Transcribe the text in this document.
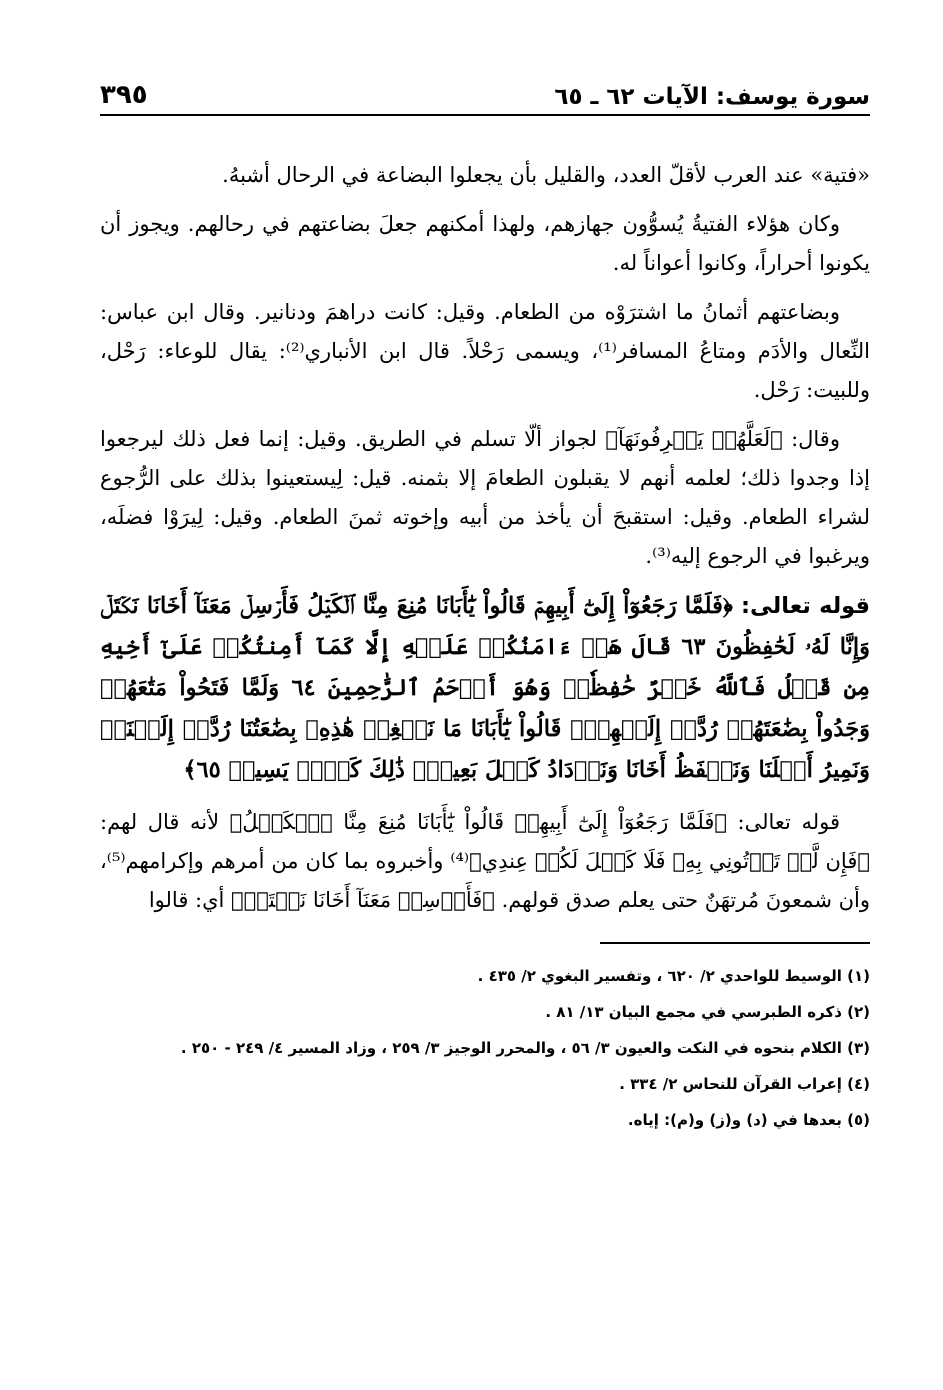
سورة يوسف: الآيات ٦٢ ـ ٦٥
٣٩٥

«فتية» عند العرب لأقلّ العدد، والقليل بأن يجعلوا البضاعة في الرحال أشبهُ.

وكان هؤلاء الفتيةُ يُسوُّون جهازهم، ولهذا أمكنهم جعلَ بضاعتهم في رحالهم. ويجوز أن يكونوا أحراراً، وكانوا أعواناً له.

وبضاعتهم أثمانُ ما اشترَوْه من الطعام. وقيل: كانت دراهمَ ودنانير. وقال ابن عباس: النِّعال والأدَم ومتاعُ المسافر⁽¹⁾، ويسمى رَحْلاً. قال ابن الأنباري⁽²⁾: يقال للوعاء: رَحْل، وللبيت: رَحْل.

وقال: ﴿لَعَلَّهُمۡ يَعۡرِفُونَهَآ﴾ لجواز ألّا تسلم في الطريق. وقيل: إنما فعل ذلك ليرجعوا إذا وجدوا ذلك؛ لعلمه أنهم لا يقبلون الطعامَ إلا بثمنه. قيل: لِيستعينوا بذلك على الرُّجوع لشراء الطعام. وقيل: استقبحَ أن يأخذ من أبيه وإخوته ثمنَ الطعام. وقيل: لِيرَوْا فضلَه، ويرغبوا في الرجوع إليه⁽³⁾.

قوله تعالى: ﴿فَلَمَّا رَجَعُوٓاْ إِلَىٰٓ أَبِيهِمۡ قَالُواْ يَٰٓأَبَانَا مُنِعَ مِنَّا ٱلۡكَيۡلُ فَأَرۡسِلۡ مَعَنَآ أَخَانَا نَكۡتَلۡ وَإِنَّا لَهُۥ لَحَٰفِظُونَ ٦٣ قَالَ هَلۡ ءَامَنُكُمۡ عَلَيۡهِ إِلَّا كَمَآ أَمِنتُكُمۡ عَلَىٰٓ أَخِيهِ مِن قَبۡلُ فَٱللَّهُ خَيۡرٌ حَٰفِظٗاۖ وَهُوَ أَرۡحَمُ ٱلرَّٰحِمِينَ ٦٤ وَلَمَّا فَتَحُواْ مَتَٰعَهُمۡ وَجَدُواْ بِضَٰعَتَهُمۡ رُدَّتۡ إِلَيۡهِمۡۖ قَالُواْ يَٰٓأَبَانَا مَا نَبۡغِيۖ هَٰذِهِۦ بِضَٰعَتُنَا رُدَّتۡ إِلَيۡنَاۖ وَنَمِيرُ أَهۡلَنَا وَنَحۡفَظُ أَخَانَا وَنَزۡدَادُ كَيۡلَ بَعِيرٖۖ ذَٰلِكَ كَيۡلٞ يَسِيرٞ ٦٥﴾

قوله تعالى: ﴿فَلَمَّا رَجَعُوٓاْ إِلَىٰٓ أَبِيهِمۡ قَالُواْ يَٰٓأَبَانَا مُنِعَ مِنَّا ٱلۡكَيۡلُ﴾ لأنه قال لهم: ﴿فَإِن لَّمۡ تَأۡتُونِي بِهِۦ فَلَا كَيۡلَ لَكُمۡ عِندِي﴾⁽⁴⁾ وأخبروه بما كان من أمرهم وإكرامهم⁽⁵⁾، وأن شمعونَ مُرتهَنٌ حتى يعلم صدق قولهم. ﴿فَأَرۡسِلۡ مَعَنَآ أَخَانَا نَكۡتَلۡ﴾ أي: قالوا

(١) الوسيط للواحدي ٢/ ٦٢٠ ، وتفسير البغوي ٢/ ٤٣٥ .

(٢) ذكره الطبرسي في مجمع البيان ١٣/ ٨١ .

(٣) الكلام بنحوه في النكت والعيون ٣/ ٥٦ ، والمحرر الوجيز ٣/ ٢٥٩ ، وزاد المسير ٤/ ٢٤٩ - ٢٥٠ .

(٤) إعراب القرآن للنحاس ٢/ ٣٣٤ .

(٥) بعدها في (د) و(ز) و(م): إياه.
